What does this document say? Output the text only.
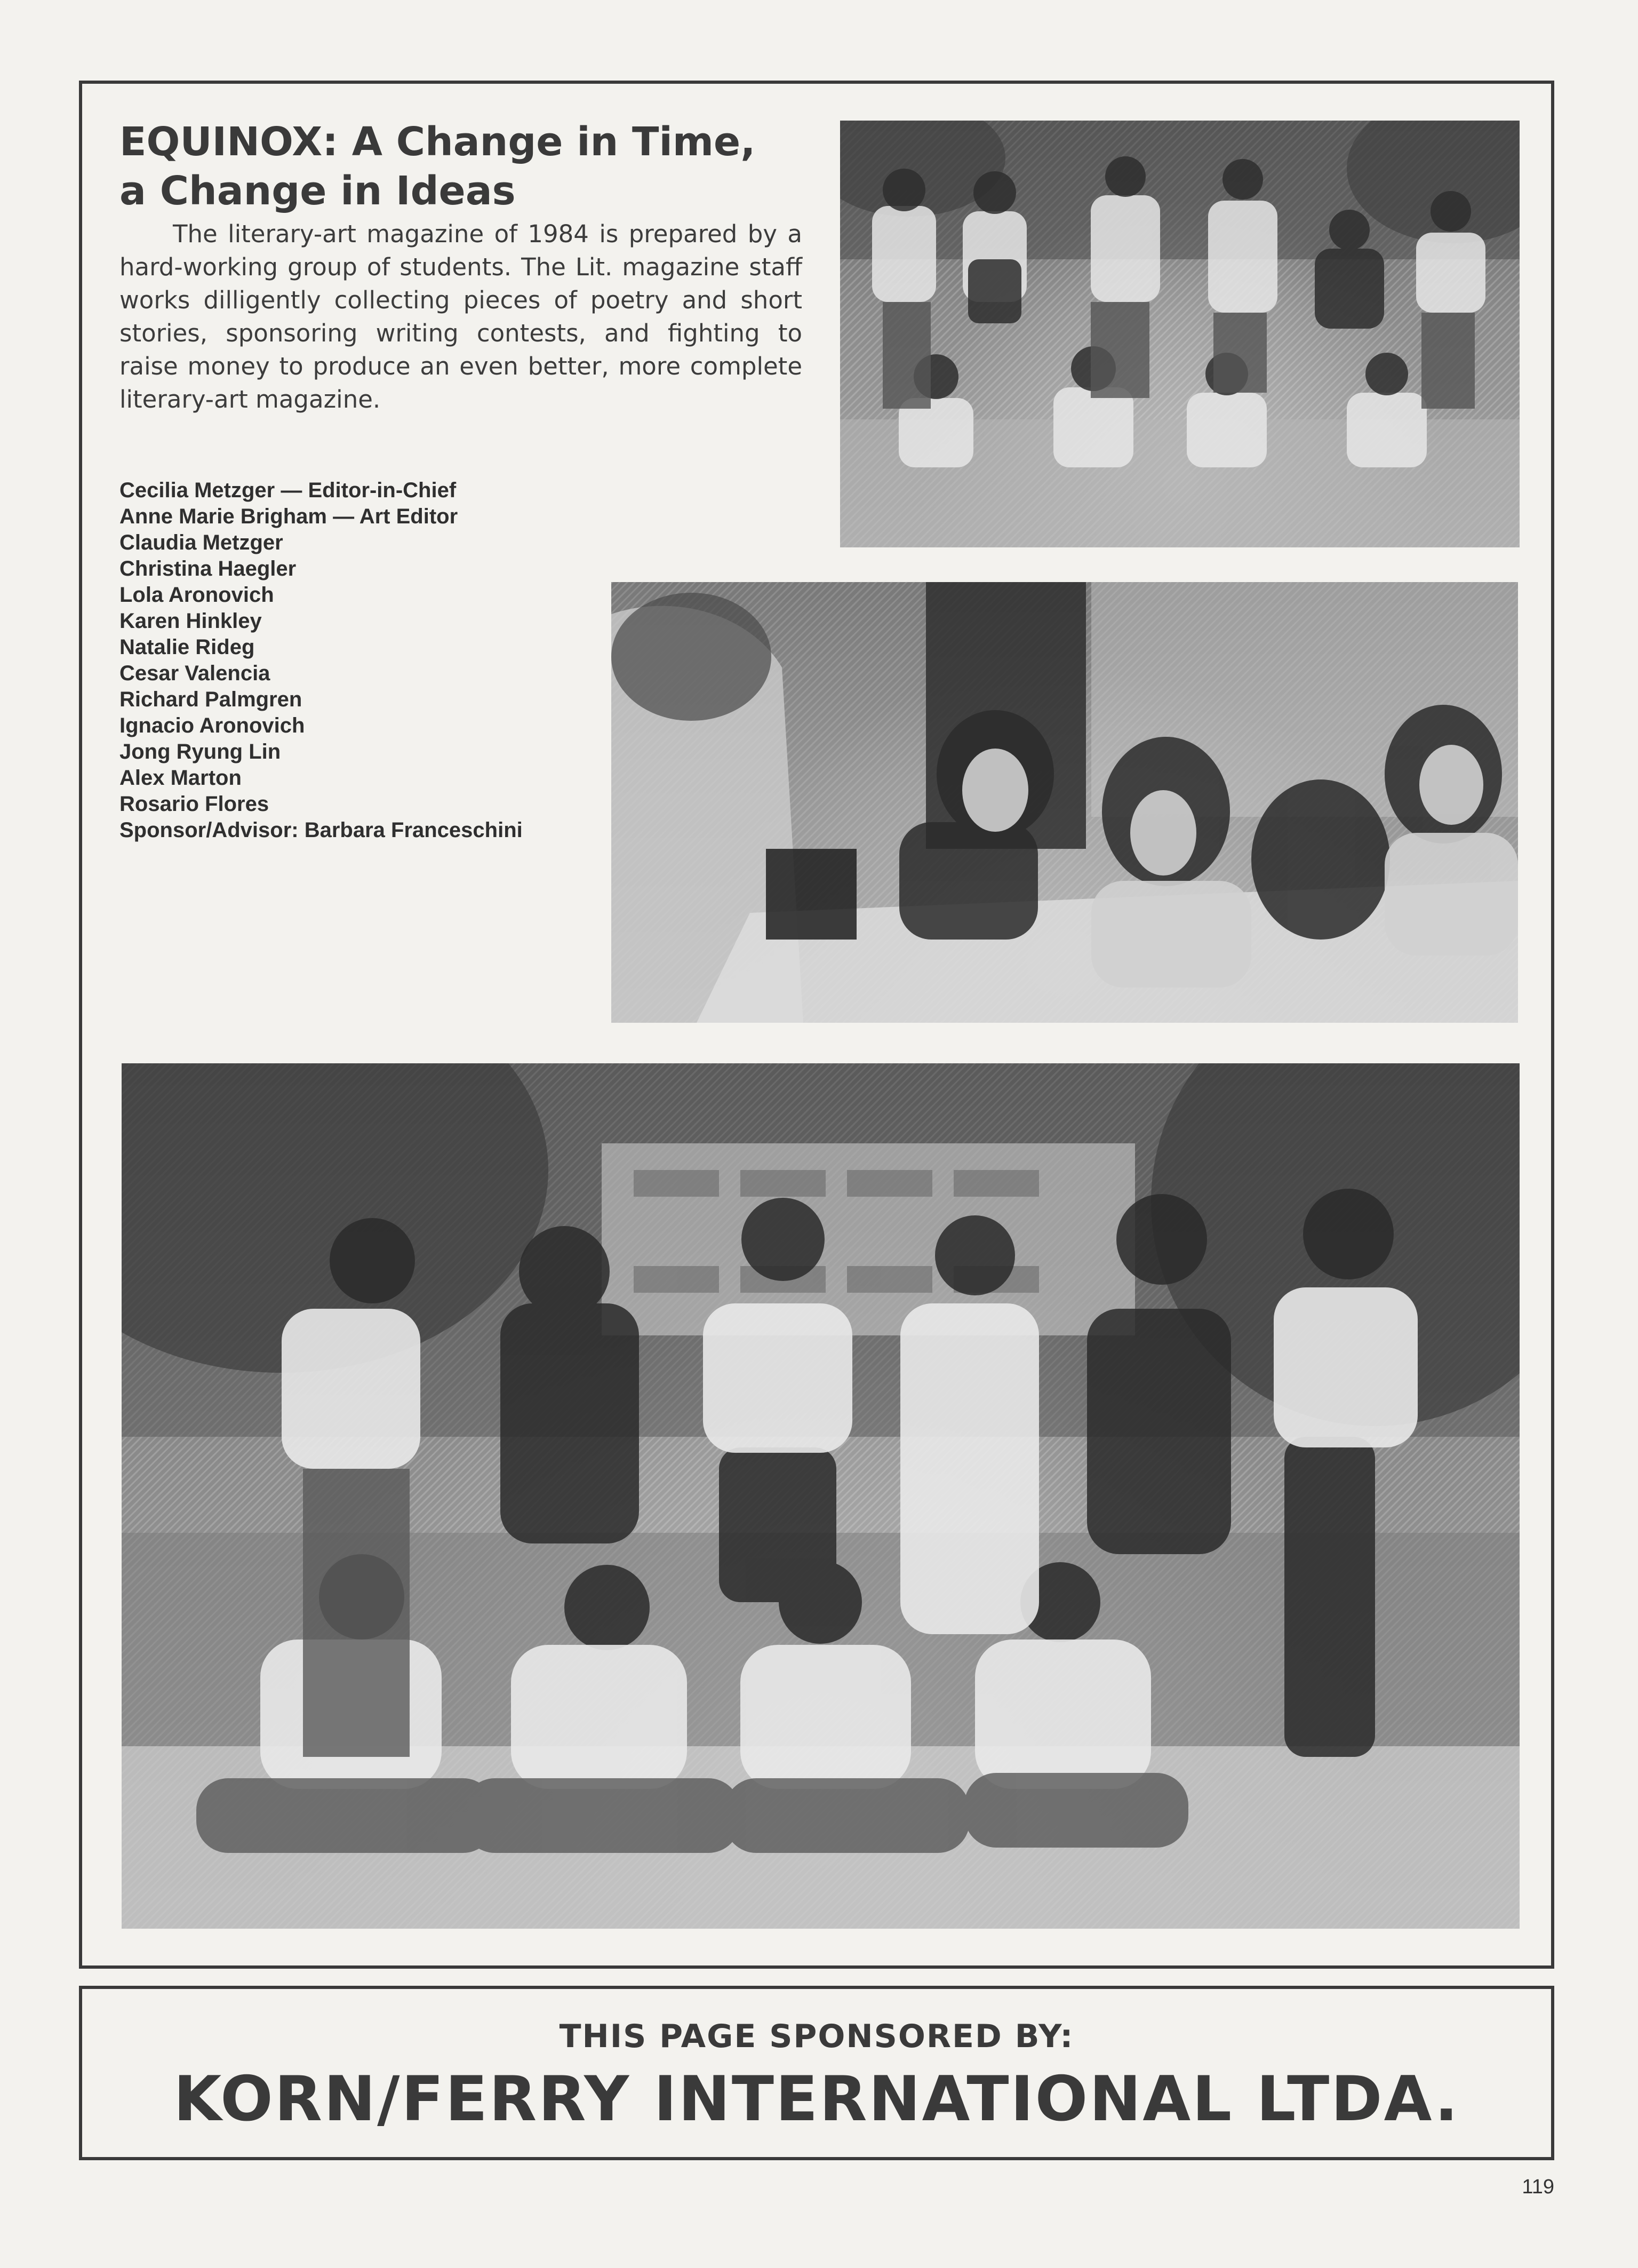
EQUINOX: A Change in Time,
a Change in Ideas

The literary-art magazine of 1984 is prepared by a hard-working group of students. The Lit. magazine staff works dilligently collecting pieces of poetry and short stories, sponsoring writing contests, and fighting to raise money to produce an even better, more complete literary-art magazine.

Cecilia Metzger — Editor-in-Chief
Anne Marie Brigham — Art Editor
Claudia Metzger
Christina Haegler
Lola Aronovich
Karen Hinkley
Natalie Rideg
Cesar Valencia
Richard Palmgren
Ignacio Aronovich
Jong Ryung Lin
Alex Marton
Rosario Flores
Sponsor/Advisor: Barbara Franceschini
THIS PAGE SPONSORED BY:
KORN/FERRY INTERNATIONAL LTDA.
119
